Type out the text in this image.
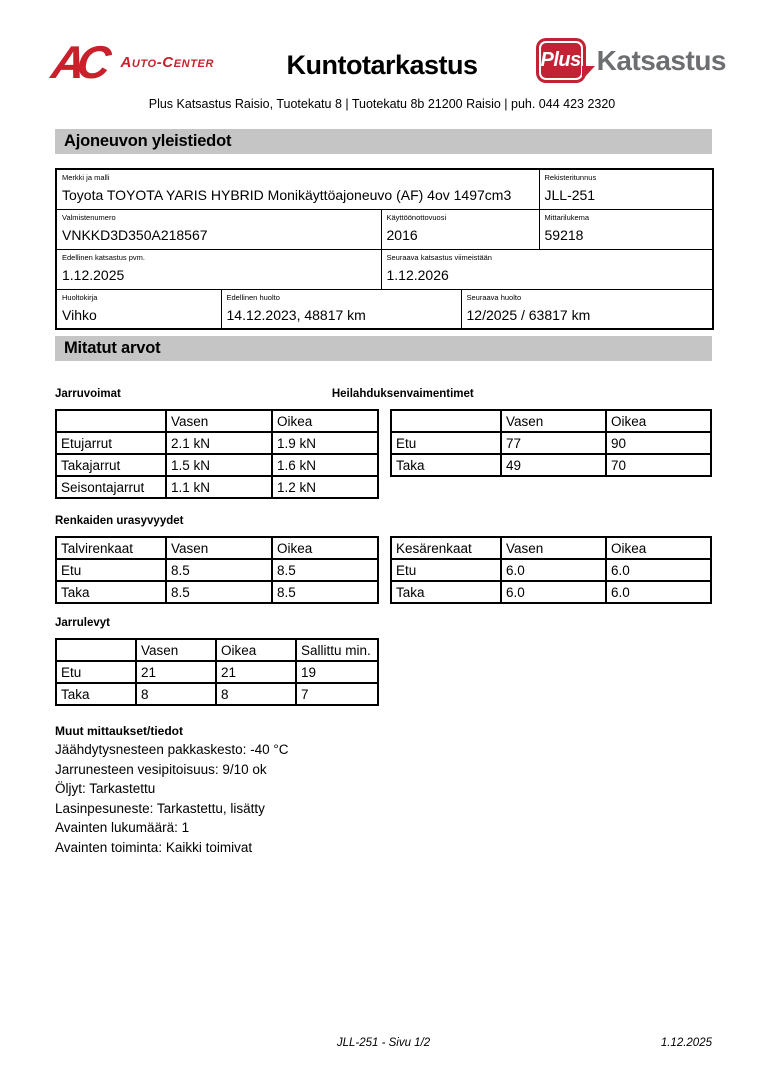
AC Auto-Center	Kuntotarkastus	Plus Katsastus
Plus Katsastus Raisio, Tuotekatu 8 | Tuotekatu 8b 21200 Raisio | puh. 044 423 2320
Ajoneuvon yleistiedot
Merkki ja malli
Toyota TOYOTA YARIS HYBRID Monikäyttöajoneuvo (AF) 4ov 1497cm3

Rekisteritunnus
JLL-251

Valmistenumero
VNKKD3D350A218567

Käyttöönottovuosi
2016

Mittarilukema
59218

Edellinen katsastus pvm.
1.12.2025

Seuraava katsastus viimeistään
1.12.2026

Huoltokirja
Vihko

Edellinen huolto
14.12.2023, 48817 km

Seuraava huolto
12/2025 / 63817 km
Mitatut arvot
Jarruvoimat	Heilahduksenvaimentimet
	Vasen	Oikea
Etujarrut	2.1 kN	1.9 kN
Takajarrut	1.5 kN	1.6 kN
Seisontajarrut	1.1 kN	1.2 kN
	Vasen	Oikea
Etu	77	90
Taka	49	70
Renkaiden urasyvyydet
Talvirenkaat	Vasen	Oikea
Etu	8.5	8.5
Taka	8.5	8.5
Kesärenkaat	Vasen	Oikea
Etu	6.0	6.0
Taka	6.0	6.0
Jarrulevyt
	Vasen	Oikea	Sallittu min.
Etu	21	21	19
Taka	8	8	7
Muut mittaukset/tiedot
Jäähdytysnesteen pakkaskesto: -40 °C
Jarrunesteen vesipitoisuus: 9/10 ok
Öljyt: Tarkastettu
Lasinpesuneste: Tarkastettu, lisätty
Avainten lukumäärä: 1
Avainten toiminta: Kaikki toimivat
JLL-251 - Sivu 1/2	1.12.2025
